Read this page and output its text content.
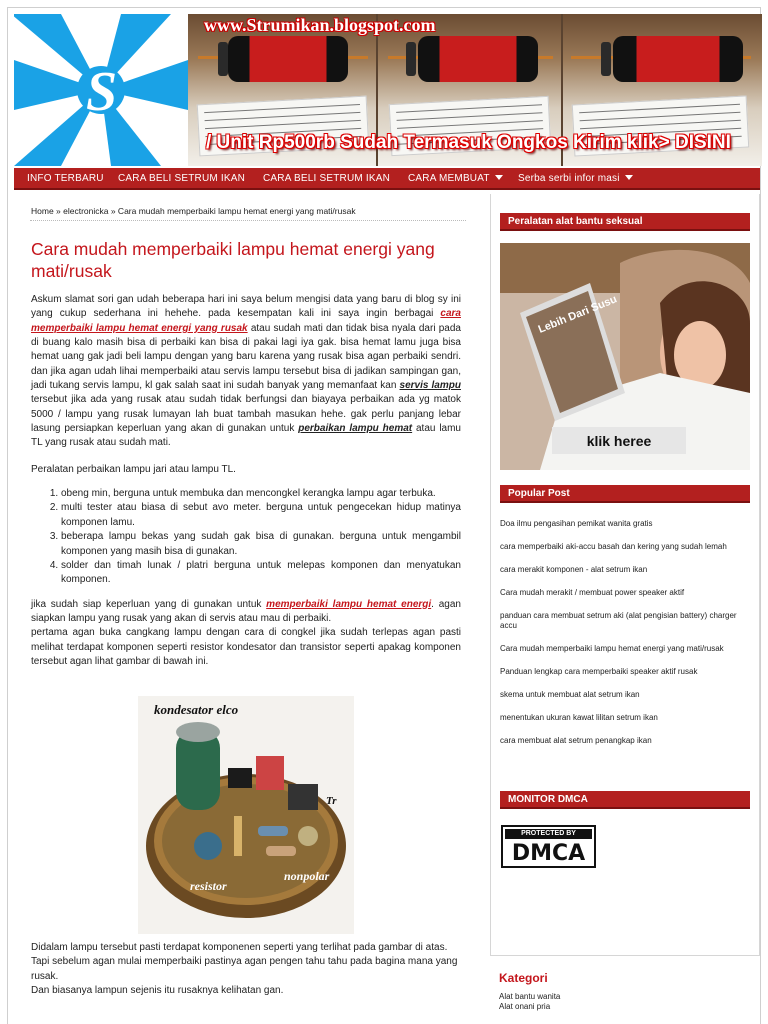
S
www.Strumikan.blogspot.com
/ Unit Rp500rb Sudah Termasuk Ongkos Kirim klik> DISINI
INFO TERBARU CARA BELI SETRUM IKAN CARA BELI SETRUM IKAN CARA MEMBUAT	Serba serbi infor masi
Home » electronicka » Cara mudah memperbaiki lampu hemat energi yang mati/rusak
Cara mudah memperbaiki lampu hemat energi yang mati/rusak

Askum slamat sori gan udah beberapa hari ini saya belum mengisi data yang baru di blog sy ini yang cukup sederhana ini hehehe. pada kesempatan kali ini saya ingin berbagai cara memperbaiki lampu hemat energi yang rusak atau sudah mati dan tidak bisa nyala dari pada di buang kalo masih bisa di perbaiki kan bisa di pakai lagi iya gak. bisa hemat lamu juga bisa hemat uang gak jadi beli lampu dengan yang baru karena yang rusak bisa agan perbaiki sendri. dan jika agan udah lihai memperbaiki atau servis lampu tersebut bisa di jadikan sampingan gan, jadi tukang servis lampu, kl gak salah saat ini sudah banyak yang memanfaat kan servis lampu tersebut jika ada yang rusak atau sudah tidak berfungsi dan biayaya perbaikan ada yg matok 5000 / lampu yang rusak lumayan lah buat tambah masukan hehe. gak perlu panjang lebar lasung persiapkan keperluan yang akan di gunakan untuk perbaikan lampu hemat atau lamu TL yang rusak atau sudah mati.

Peralatan perbaikan lampu jari atau lampu TL.

1. obeng min, berguna untuk membuka dan mencongkel kerangka lampu agar terbuka.
2. multi tester atau biasa di sebut avo meter. berguna untuk pengecekan hidup matinya komponen lamu.
3. beberapa lampu bekas yang sudah gak bisa di gunakan. berguna untuk mengambil komponen yang masih bisa di gunakan.
4. solder dan timah lunak / platri berguna untuk melepas komponen dan menyatukan komponen.

jika sudah siap keperluan yang di gunakan untuk memperbaiki lampu hemat energi. agan siapkan lampu yang rusak yang akan di servis atau mau di perbaiki.

pertama agan buka cangkang lampu dengan cara di congkel jika sudah terlepas agan pasti melihat terdapat komponen seperti resistor kondesator dan transistor seperti apakag komponen tersebut agan lihat gambar di bawah ini.

kondesator elco
Tr
resistor
nonpolar

Didalam lampu tersebut pasti terdapat komponenen seperti yang terlihat pada gambar di atas.

Tapi sebelum agan mulai memperbaiki pastinya agan pengen tahu tahu pada bagina mana yang rusak.

Dan biasanya lampun sejenis itu rusaknya kelihatan gan.

Peralatan alat bantu seksual
Lebih Dari Susu
klik heree
Popular Post
Doa ilmu pengasihan pemikat wanita gratis
cara memperbaiki aki-accu basah dan kering yang sudah lemah
cara merakit komponen - alat setrum ikan
Cara mudah merakit / membuat power speaker aktif
panduan cara membuat setrum aki (alat pengisian battery) charger accu
Cara mudah memperbaiki lampu hemat energi yang mati/rusak
Panduan lengkap cara memperbaiki speaker aktif rusak
skema untuk membuat alat setrum ikan
menentukan ukuran kawat lilitan setrum ikan
cara membuat alat setrum penangkap ikan
MONITOR DMCA
PROTECTED BY
DMCA
Kategori
Alat bantu wanita
Alat onani pria
